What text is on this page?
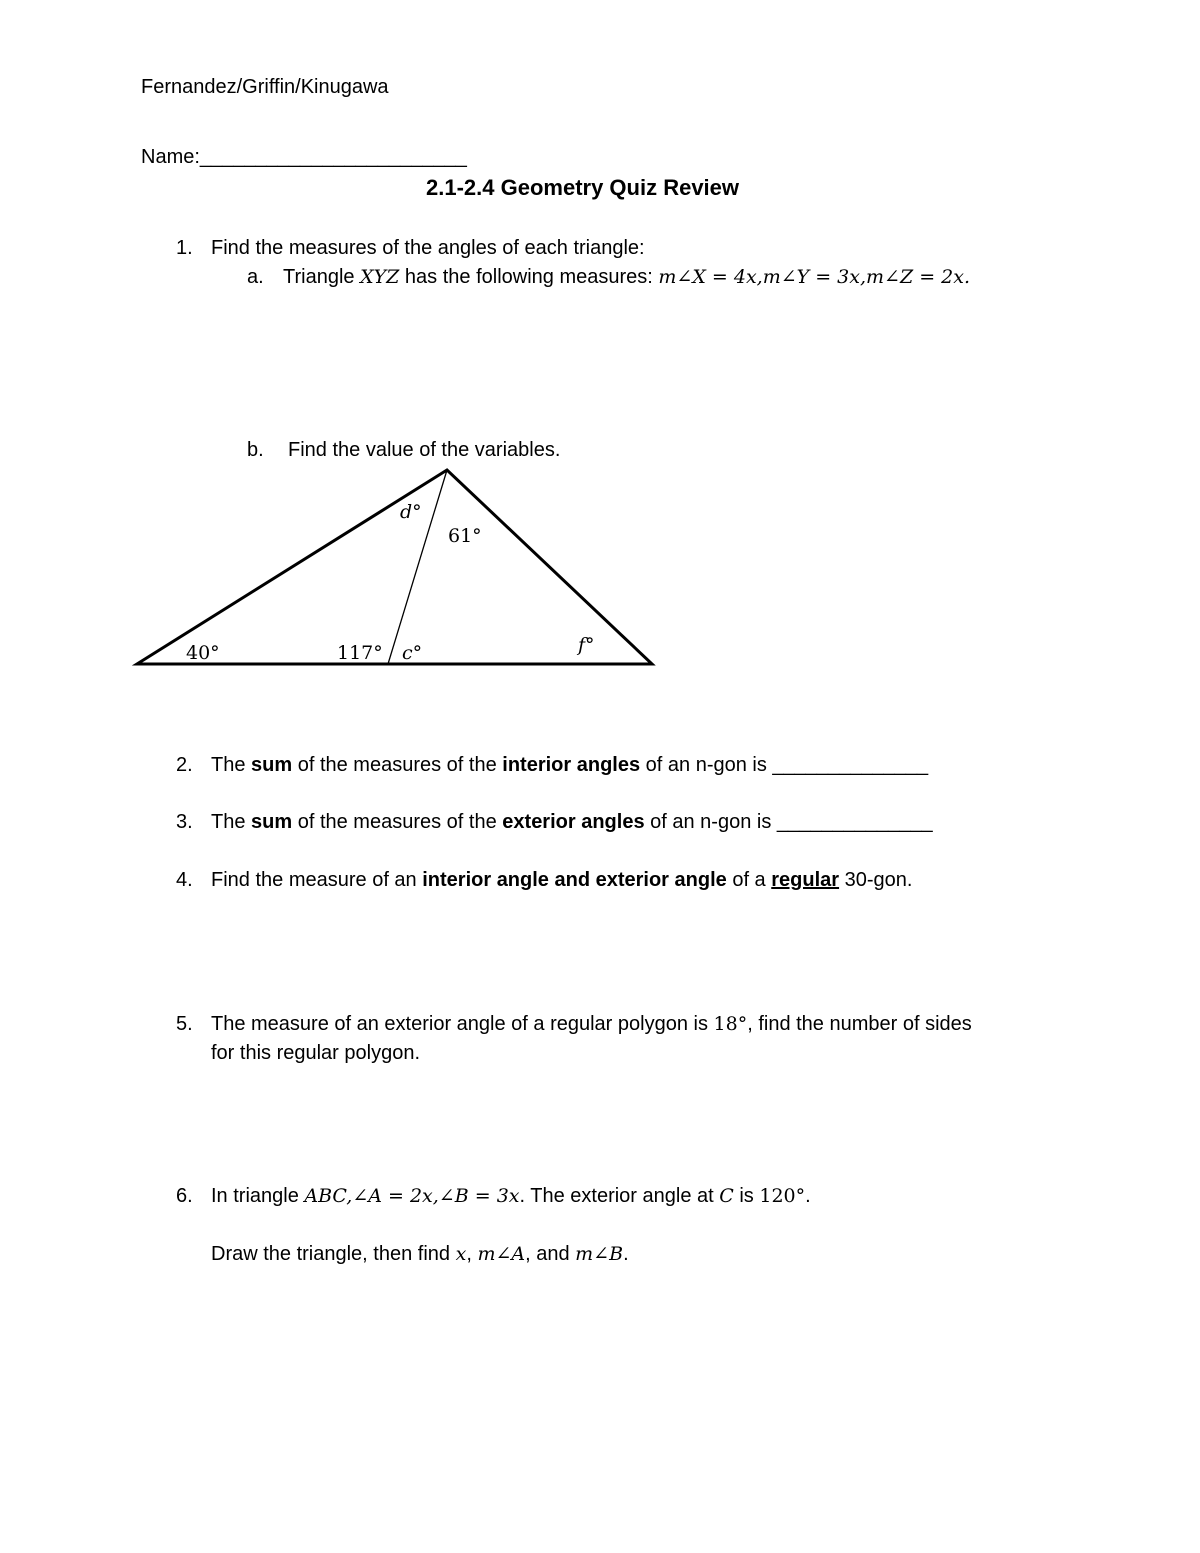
Fernandez/Griffin/Kinugawa
Name:________________________
2.1-2.4 Geometry Quiz Review
1. Find the measures of the angles of each triangle:
a. Triangle XYZ has the following measures: m∠X = 4x,m∠Y = 3x,m∠Z = 2x.
b. Find the value of the variables.
d°
61°
40°	117° c°	f°
2. The sum of the measures of the interior angles of an n-gon is ______________
3. The sum of the measures of the exterior angles of an n-gon is ______________
4. Find the measure of an interior angle and exterior angle of a regular 30-gon.
5. The measure of an exterior angle of a regular polygon is 18°, find the number of sides
for this regular polygon.
6. In triangle ABC,∠A = 2x,∠B = 3x. The exterior angle at C is 120°.
Draw the triangle, then find x, m∠A, and m∠B.
